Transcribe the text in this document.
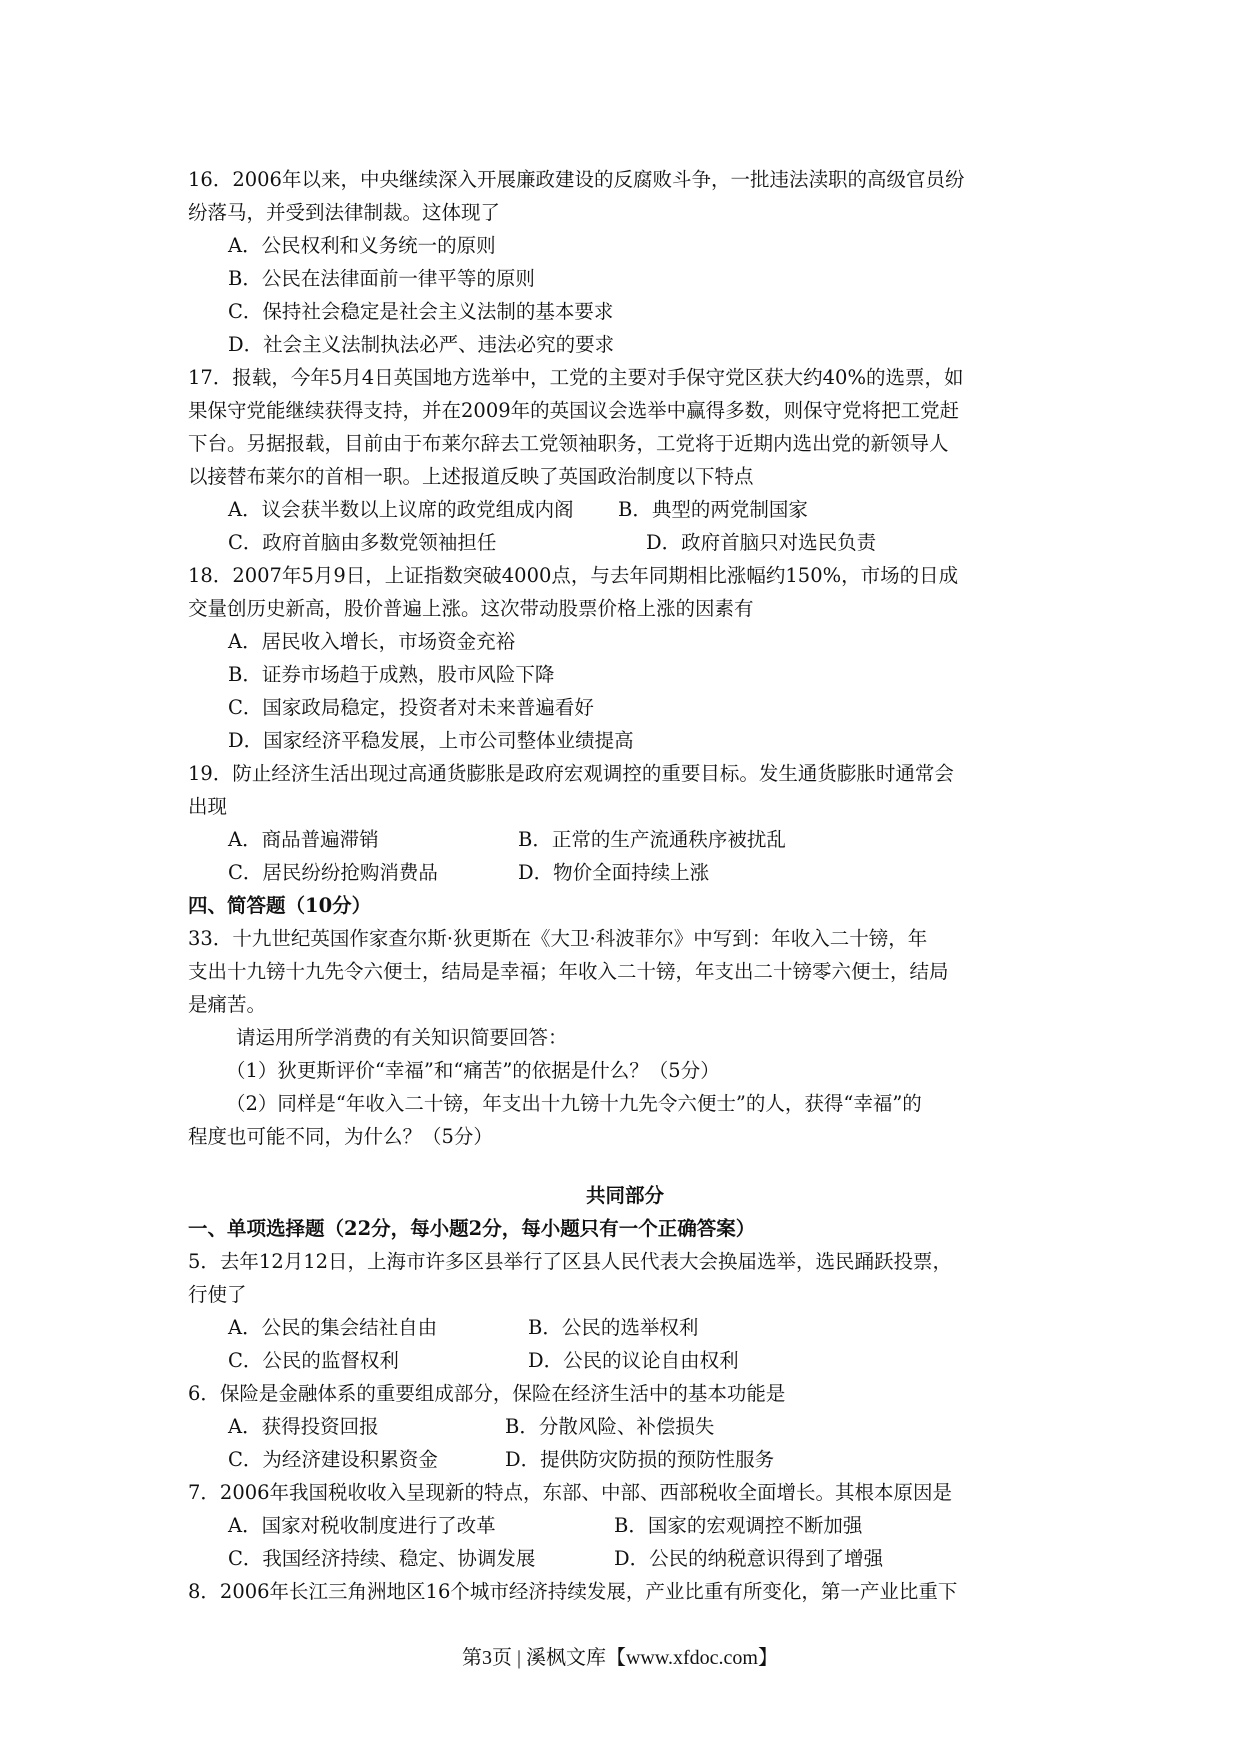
16．2006年以来，中央继续深入开展廉政建设的反腐败斗争，一批违法渎职的高级官员纷
纷落马，并受到法律制裁。这体现了
A．公民权利和义务统一的原则
B．公民在法律面前一律平等的原则
C．保持社会稳定是社会主义法制的基本要求
D．社会主义法制执法必严、违法必究的要求
17．报载，今年5月4日英国地方选举中，工党的主要对手保守党区获大约40%的选票，如
果保守党能继续获得支持，并在2009年的英国议会选举中赢得多数，则保守党将把工党赶
下台。另据报载，目前由于布莱尔辞去工党领袖职务，工党将于近期内选出党的新领导人
以接替布莱尔的首相一职。上述报道反映了英国政治制度以下特点
A．议会获半数以上议席的政党组成内阁	B．典型的两党制国家
C．政府首脑由多数党领袖担任	D．政府首脑只对选民负责
18．2007年5月9日，上证指数突破4000点，与去年同期相比涨幅约150%，市场的日成
交量创历史新高，股价普遍上涨。这次带动股票价格上涨的因素有
A．居民收入增长，市场资金充裕
B．证券市场趋于成熟，股市风险下降
C．国家政局稳定，投资者对未来普遍看好
D．国家经济平稳发展，上市公司整体业绩提高
19．防止经济生活出现过高通货膨胀是政府宏观调控的重要目标。发生通货膨胀时通常会
出现
A．商品普遍滞销	B．正常的生产流通秩序被扰乱
C．居民纷纷抢购消费品	D．物价全面持续上涨
四、简答题（10分）
33．十九世纪英国作家查尔斯·狄更斯在《大卫·科波菲尔》中写到：年收入二十镑，年
支出十九镑十九先令六便士，结局是幸福；年收入二十镑，年支出二十镑零六便士，结局
是痛苦。
请运用所学消费的有关知识简要回答：
（1）狄更斯评价“幸福”和“痛苦”的依据是什么？（5分）
（2）同样是“年收入二十镑，年支出十九镑十九先令六便士”的人，获得“幸福”的
程度也可能不同，为什么？（5分）
共同部分
一、单项选择题（22分，每小题2分，每小题只有一个正确答案）
5．去年12月12日，上海市许多区县举行了区县人民代表大会换届选举，选民踊跃投票，
行使了
A．公民的集会结社自由	B．公民的选举权利
C．公民的监督权利	D．公民的议论自由权利
6．保险是金融体系的重要组成部分，保险在经济生活中的基本功能是
A．获得投资回报	B．分散风险、补偿损失
C．为经济建设积累资金	D．提供防灾防损的预防性服务
7．2006年我国税收收入呈现新的特点，东部、中部、西部税收全面增长。其根本原因是
A．国家对税收制度进行了改革	B．国家的宏观调控不断加强
C．我国经济持续、稳定、协调发展	D．公民的纳税意识得到了增强
8．2006年长江三角洲地区16个城市经济持续发展，产业比重有所变化，第一产业比重下
第3页 | 溪枫文库【www.xfdoc.com】
